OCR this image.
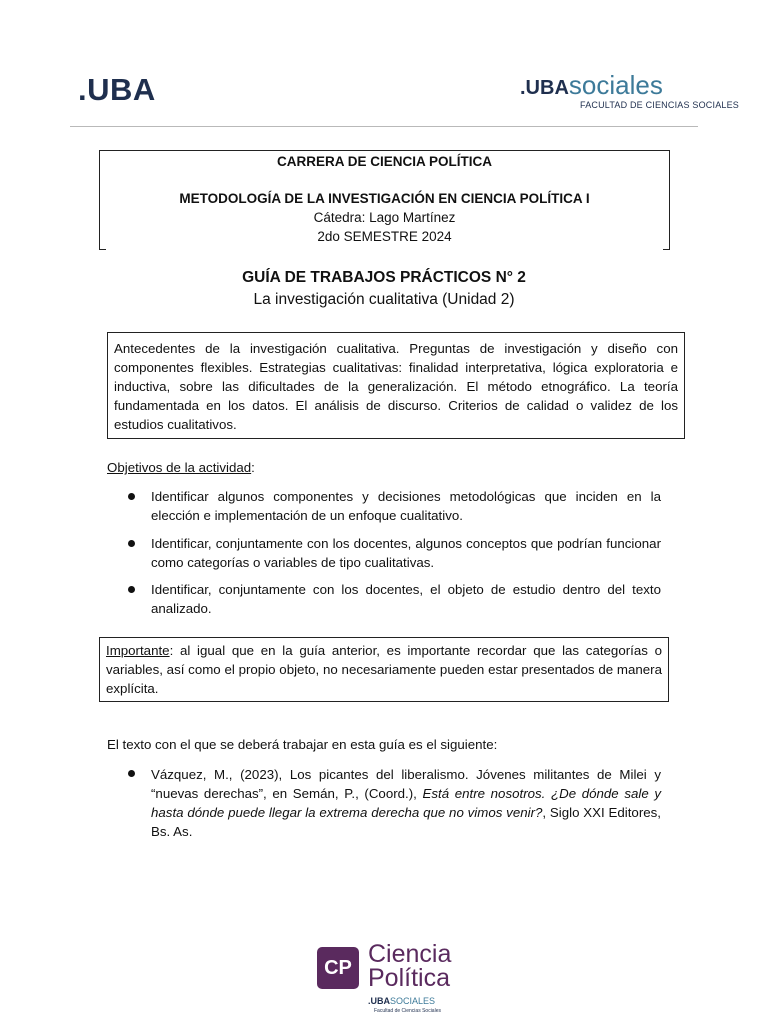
.UBA	.UBAsociales
FACULTAD DE CIENCIAS SOCIALES
CARRERA DE CIENCIA POLÍTICA
METODOLOGÍA DE LA INVESTIGACIÓN EN CIENCIA POLÍTICA I
Cátedra: Lago Martínez
2do SEMESTRE 2024
GUÍA DE TRABAJOS PRÁCTICOS N° 2
La investigación cualitativa (Unidad 2)
Antecedentes de la investigación cualitativa. Preguntas de investigación y diseño con componentes flexibles. Estrategias cualitativas: finalidad interpretativa, lógica exploratoria e inductiva, sobre las dificultades de la generalización. El método etnográfico. La teoría fundamentada en los datos. El análisis de discurso. Criterios de calidad o validez de los estudios cualitativos.
Objetivos de la actividad:
Identificar algunos componentes y decisiones metodológicas que inciden en la elección e implementación de un enfoque cualitativo.
Identificar, conjuntamente con los docentes, algunos conceptos que podrían funcionar como categorías o variables de tipo cualitativas.
Identificar, conjuntamente con los docentes, el objeto de estudio dentro del texto analizado.
Importante: al igual que en la guía anterior, es importante recordar que las categorías o variables, así como el propio objeto, no necesariamente pueden estar presentados de manera explícita.
El texto con el que se deberá trabajar en esta guía es el siguiente:
Vázquez, M., (2023), Los picantes del liberalismo. Jóvenes militantes de Milei y “nuevas derechas”, en Semán, P., (Coord.), Está entre nosotros. ¿De dónde sale y hasta dónde puede llegar la extrema derecha que no vimos venir?, Siglo XXI Editores, Bs. As.
CP Ciencia
Política
.UBASOCIALES
Facultad de Ciencias Sociales
